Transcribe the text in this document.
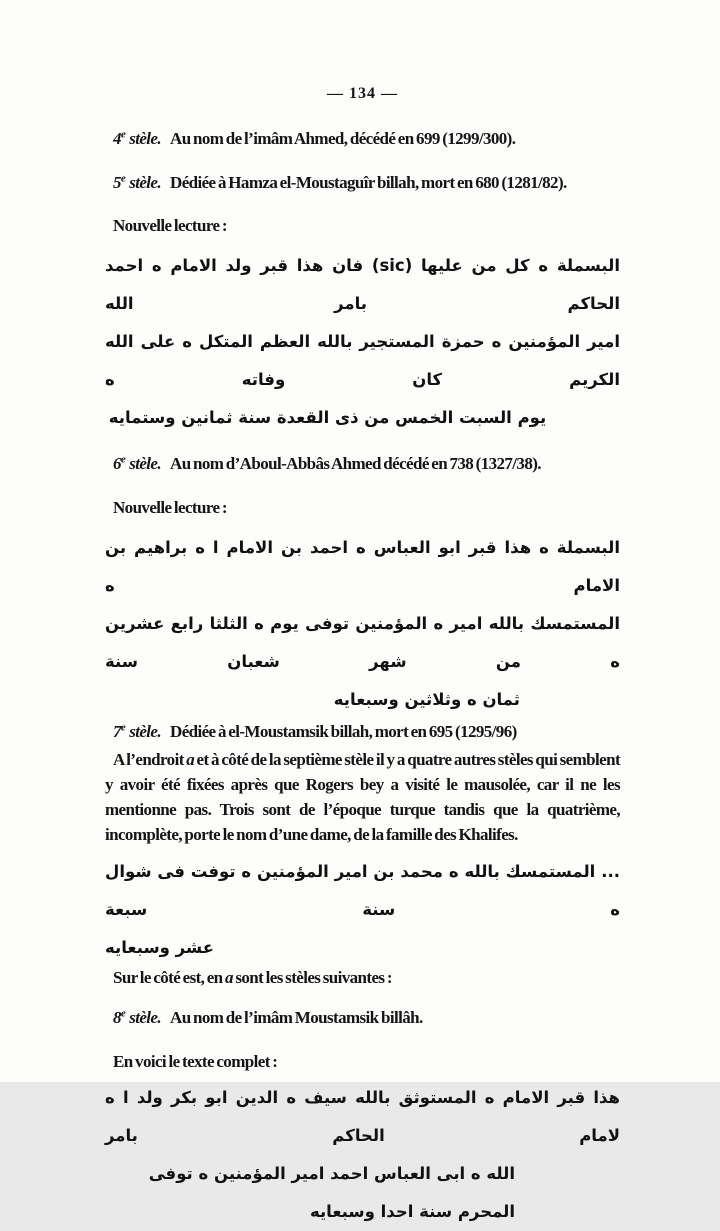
— 134 —

4e stèle. Au nom de l’imâm Ahmed, décédé en 699 (1299/300).

5e stèle. Dédiée à Hamza el-Moustaguîr billah, mort en 680 (1281/82).

Nouvelle lecture :

البسملة ه كل من عليها (sic) فان هذا قبر ولد الامام ه احمد الحاكم بامر الله
امير المؤمنين ه حمزة المستجير بالله العظم المتكل ه على الله الكريم كان وفاته ه
يوم السبت الخمس من ذى القعدة سنة ثمانين وستمايه

6e stèle. Au nom d’Aboul-Abbâs Ahmed décédé en 738 (1327/38).

Nouvelle lecture :

البسملة ه هذا قبر ابو العباس ه احمد بن الامام ا ه براهيم بن الامام ه
المستمسك بالله امير ه المؤمنين توفى يوم ه الثلثا رابع عشرين ه من شهر شعبان سنة
ثمان ه وثلاثين وسبعايه

7e stèle. Dédiée à el-Moustamsik billah, mort en 695 (1295/96)

A l’endroit a et à côté de la septième stèle il y a quatre autres stèles qui semblent y avoir été fixées après que Rogers bey a visité le mausolée, car il ne les mentionne pas. Trois sont de l’époque turque tandis que la quatrième, incomplète, porte le nom d’une dame, de la famille des Khalifes.

... المستمسك بالله ه محمد بن امير المؤمنين ه توفت فى شوال ه سنة سبعة
عشر وسبعايه

Sur le côté est, en a sont les stèles suivantes :

8e stèle. Au nom de l’imâm Moustamsik billâh.

En voici le texte complet :

هذا قبر الامام ه المستوثق بالله سيف ه الدين ابو بكر ولد ا ه لامام الحاكم بامر
الله ه ابى العباس احمد امير المؤمنين ه توفى المحرم سنة احدا وسبعايه
